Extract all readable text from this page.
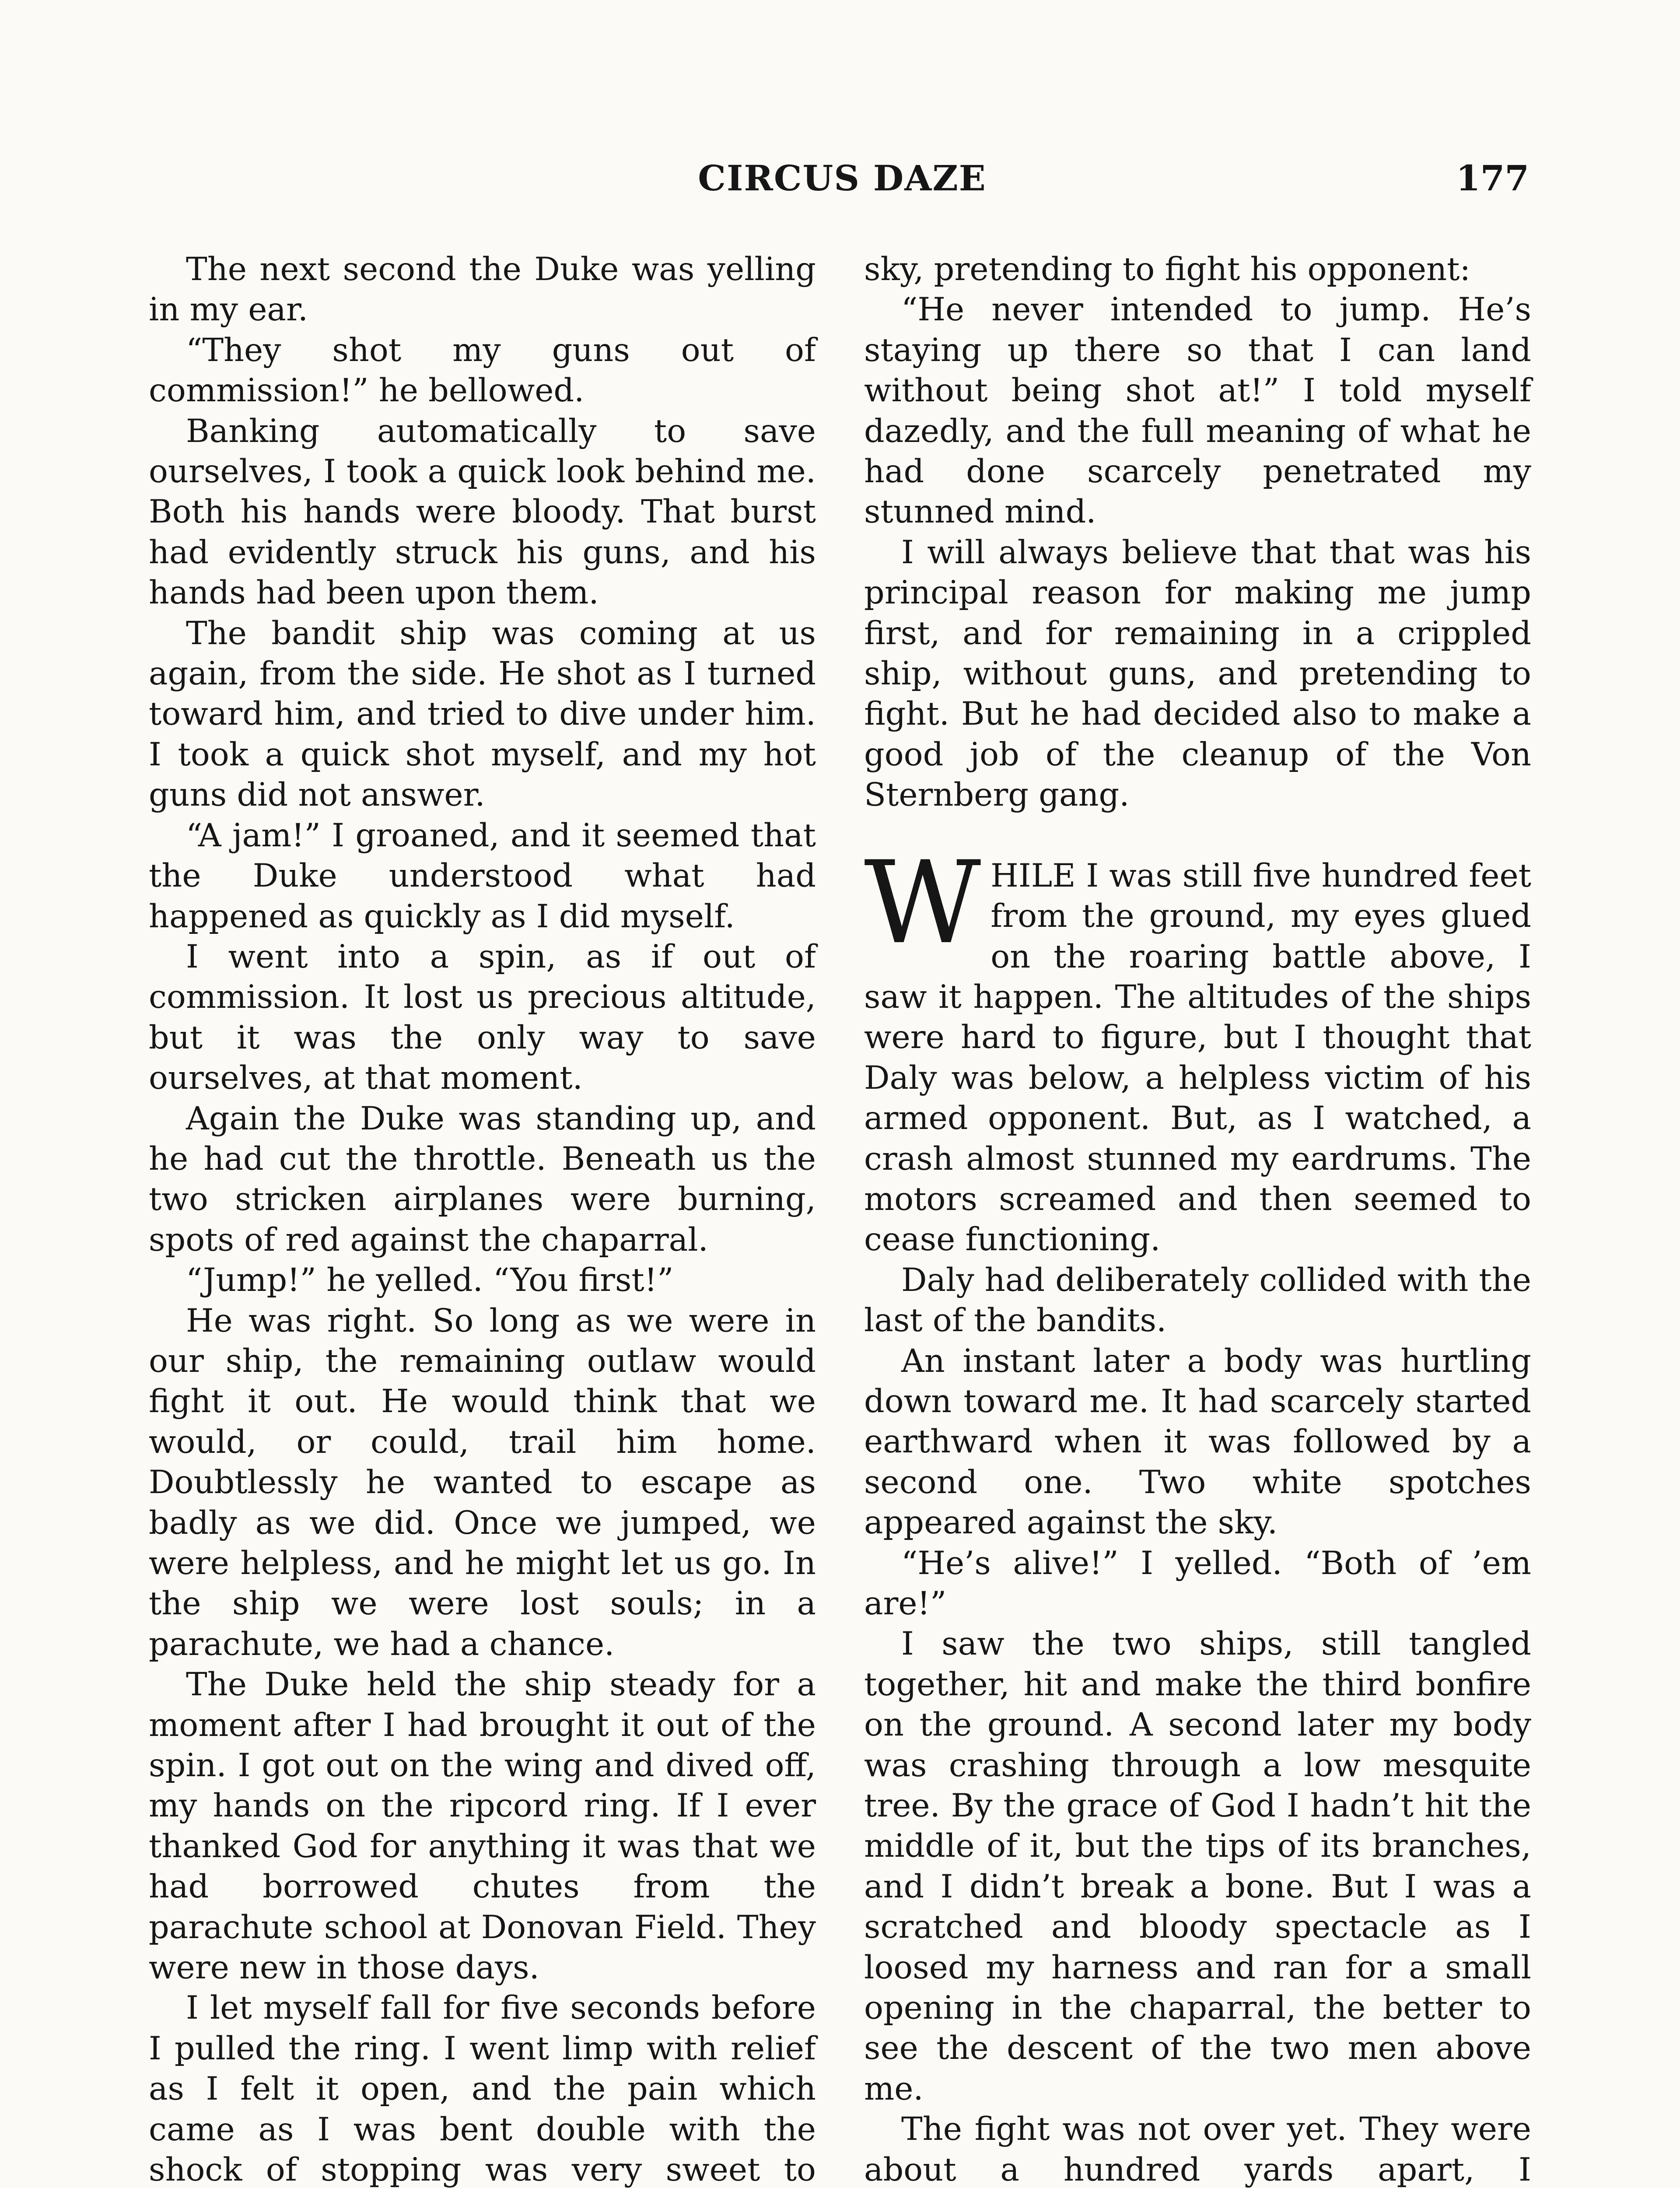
CIRCUS DAZE	177

The next second the Duke was yelling in my ear.

“They shot my guns out of commission!” he bellowed.

Banking automatically to save ourselves, I took a quick look behind me. Both his hands were bloody. That burst had evidently struck his guns, and his hands had been upon them.

The bandit ship was coming at us again, from the side. He shot as I turned toward him, and tried to dive under him. I took a quick shot myself, and my hot guns did not answer.

“A jam!” I groaned, and it seemed that the Duke understood what had happened as quickly as I did myself.

I went into a spin, as if out of commission. It lost us precious altitude, but it was the only way to save ourselves, at that moment.

Again the Duke was standing up, and he had cut the throttle. Beneath us the two stricken airplanes were burning, spots of red against the chaparral.

“Jump!” he yelled. “You first!”

He was right. So long as we were in our ship, the remaining outlaw would fight it out. He would think that we would, or could, trail him home. Doubtlessly he wanted to escape as badly as we did. Once we jumped, we were helpless, and he might let us go. In the ship we were lost souls; in a parachute, we had a chance.

The Duke held the ship steady for a moment after I had brought it out of the spin. I got out on the wing and dived off, my hands on the ripcord ring. If I ever thanked God for anything it was that we had borrowed chutes from the parachute school at Donovan Field. They were new in those days.

I let myself fall for five seconds before I pulled the ring. I went limp with relief as I felt it open, and the pain which came as I was bent double with the shock of stopping was very sweet to

sky, pretending to fight his opponent:

“He never intended to jump. He’s staying up there so that I can land without being shot at!” I told myself dazedly, and the full meaning of what he had done scarcely penetrated my stunned mind.

I will always believe that that was his principal reason for making me jump first, and for remaining in a crippled ship, without guns, and pretending to fight. But he had decided also to make a good job of the cleanup of the Von Sternberg gang.

WHILE I was still five hundred feet from the ground, my eyes glued on the roaring battle above, I saw it happen. The altitudes of the ships were hard to figure, but I thought that Daly was below, a helpless victim of his armed opponent. But, as I watched, a crash almost stunned my eardrums. The motors screamed and then seemed to cease functioning.

Daly had deliberately collided with the last of the bandits.

An instant later a body was hurtling down toward me. It had scarcely started earthward when it was followed by a second one. Two white spotches appeared against the sky.

“He’s alive!” I yelled. “Both of ’em are!”

I saw the two ships, still tangled together, hit and make the third bonfire on the ground. A second later my body was crashing through a low mesquite tree. By the grace of God I hadn’t hit the middle of it, but the tips of its branches, and I didn’t break a bone. But I was a scratched and bloody spectacle as I loosed my harness and ran for a small opening in the chaparral, the better to see the descent of the two men above me.

The fight was not over yet. They were about a hundred yards apart, I
